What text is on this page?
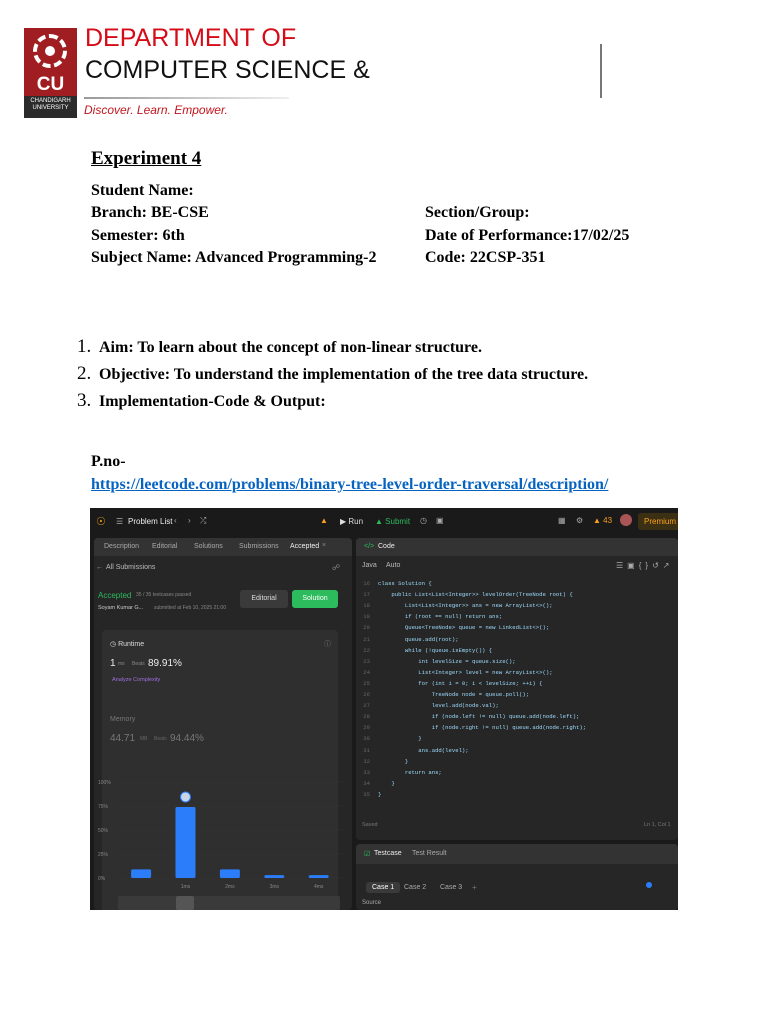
CU
CHANDIGARH UNIVERSITY
DEPARTMENT OF
COMPUTER SCIENCE &
Discover. Learn. Empower.
Experiment 4
Student Name:
Branch: BE-CSE	Section/Group:
Semester: 6th	Date of Performance:17/02/25
Subject Name: Advanced Programming-2	Code: 22CSP-351
1. Aim: To learn about the concept of non-linear structure.
2. Objective: To understand the implementation of the tree data structure.
3. Implementation-Code & Output:
P.no-
https://leetcode.com/problems/binary-tree-level-order-traversal/description/
☉ ☰ Problem List ‹ › ⤮	▲ ▶ Run ▲ Submit ◷ ▣	▦ ⚙ ▲ 43	Premium
Description Editorial Solutions Submissions Accepted ×
← All Submissions	☍
Accepted 35 / 35 testcases passed
Soyam Kumar G... submitted at Feb 10, 2025 21:00
Editorial	Solution
◷ Runtime	ⓘ
1 ms Beats 89.91%
Analyze Complexity
Memory
44.71 MB Beats 94.44%
100%
75%
50%
25%
0%
1ms	2ms	3ms	4ms
</> Code
Java Auto	☰▣{}↺↗
16 class Solution {
17    public List<List<Integer>> levelOrder(TreeNode root) {
18        List<List<Integer>> ans = new ArrayList<>();
19        if (root == null) return ans;
20        Queue<TreeNode> queue = new LinkedList<>();
21        queue.add(root);
22        while (!queue.isEmpty()) {
23            int levelSize = queue.size();
24            List<Integer> level = new ArrayList<>();
25            for (int i = 0; i < levelSize; ++i) {
26                TreeNode node = queue.poll();
27                level.add(node.val);
28                if (node.left != null) queue.add(node.left);
29                if (node.right != null) queue.add(node.right);
30            }
31            ans.add(level);
32        }
33        return ans;
34    }
35 }
Saved	Ln 1, Col 1
☑ Testcase Test Result
Case 1	Case 2 Case 3 +
Source
